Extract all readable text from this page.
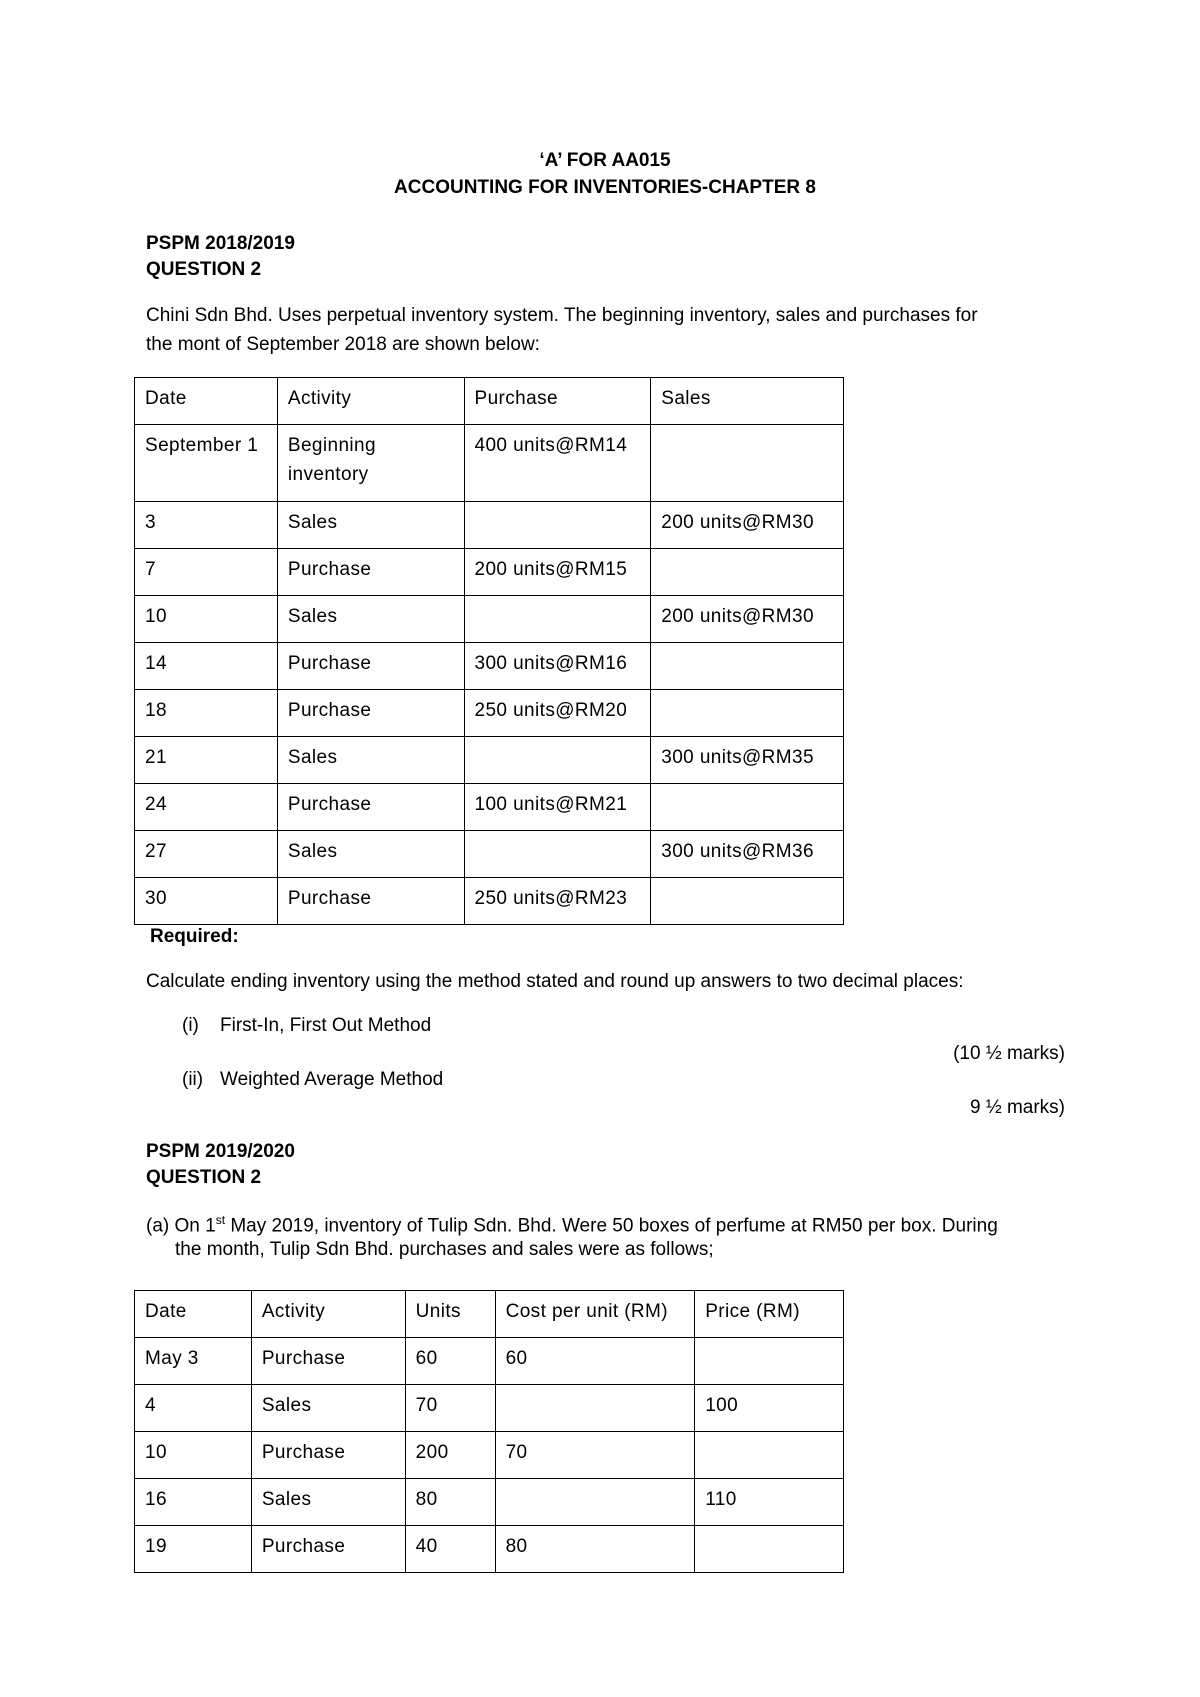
‘A’ FOR AA015
ACCOUNTING FOR INVENTORIES-CHAPTER 8
PSPM 2018/2019
QUESTION 2
Chini Sdn Bhd. Uses perpetual inventory system. The beginning inventory, sales and purchases for
the mont of September 2018 are shown below:
Date	Activity	Purchase	Sales
September 1	Beginning inventory	400 units@RM14	
3	Sales		200 units@RM30
7	Purchase	200 units@RM15	
10	Sales		200 units@RM30
14	Purchase	300 units@RM16	
18	Purchase	250 units@RM20	
21	Sales		300 units@RM35
24	Purchase	100 units@RM21	
27	Sales		300 units@RM36
30	Purchase	250 units@RM23	
Required:
Calculate ending inventory using the method stated and round up answers to two decimal places:
(i) First-In, First Out Method
(10 ½ marks)
(ii) Weighted Average Method
9 ½ marks)
PSPM 2019/2020
QUESTION 2
(a) On 1st May 2019, inventory of Tulip Sdn. Bhd. Were 50 boxes of perfume at RM50 per box. During
the month, Tulip Sdn Bhd. purchases and sales were as follows;
Date	Activity	Units	Cost per unit (RM)	Price (RM)
May 3	Purchase	60	60	
4	Sales	70		100
10	Purchase	200	70	
16	Sales	80		110
19	Purchase	40	80	
